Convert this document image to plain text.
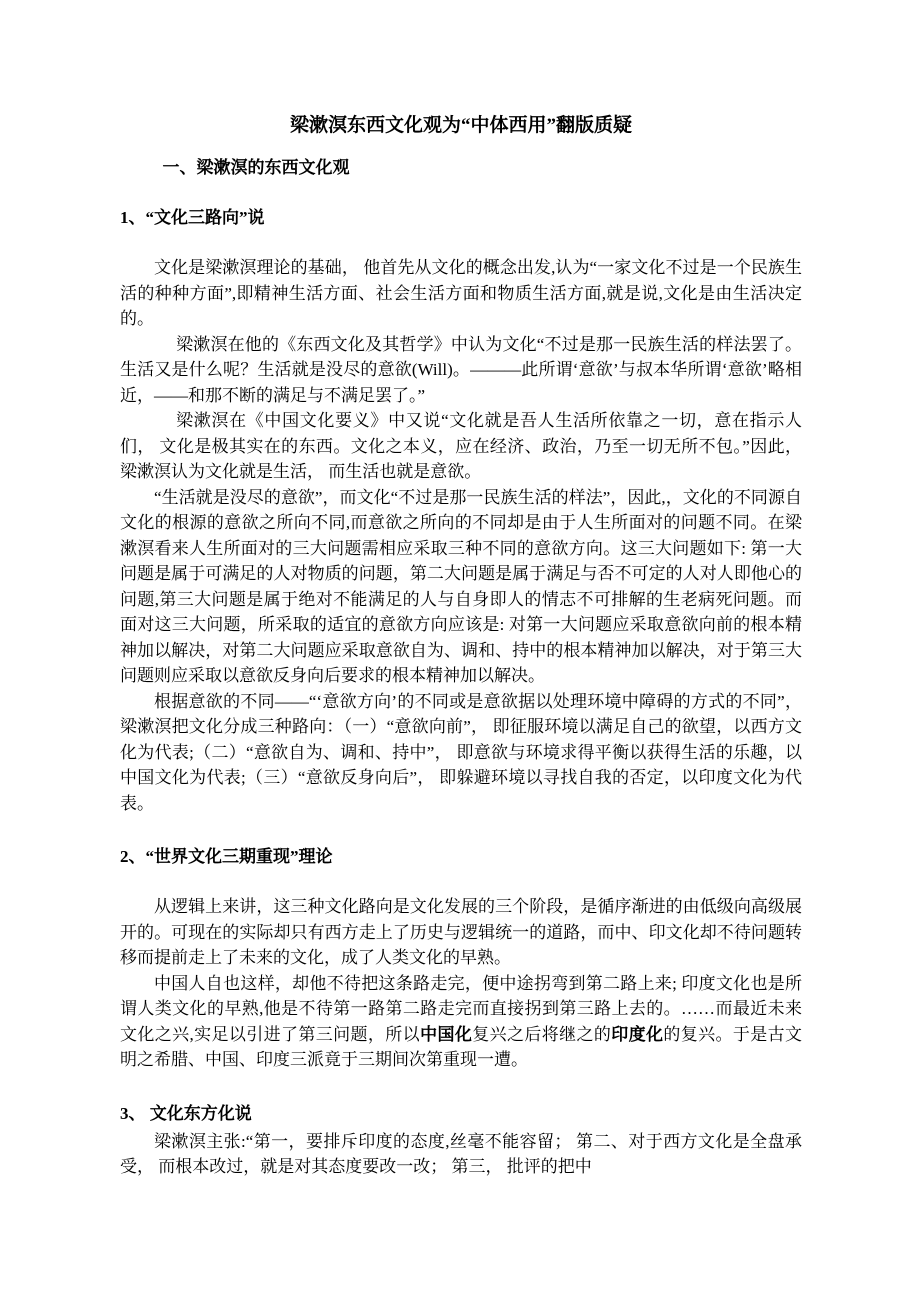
梁漱溟东西文化观为“中体西用”翻版质疑

一、梁漱溟的东西文化观

1、“文化三路向”说

文化是梁漱溟理论的基础， 他首先从文化的概念出发,认为“一家文化不过是一个民族生活的种种方面”,即精神生活方面、社会生活方面和物质生活方面,就是说,文化是由生活决定的。

梁漱溟在他的《东西文化及其哲学》中认为文化“不过是那一民族生活的样法罢了。生活又是什么呢？生活就是没尽的意欲(Will)。———此所谓‘意欲’与叔本华所谓‘意欲’略相近，——和那不断的满足与不满足罢了。”

梁漱溟在《中国文化要义》中又说“文化就是吾人生活所依靠之一切，意在指示人们， 文化是极其实在的东西。文化之本义，应在经济、政治，乃至一切无所不包。”因此，梁漱溟认为文化就是生活， 而生活也就是意欲。

“生活就是没尽的意欲”，而文化“不过是那一民族生活的样法”，因此,，文化的不同源自文化的根源的意欲之所向不同,而意欲之所向的不同却是由于人生所面对的问题不同。在梁漱溟看来人生所面对的三大问题需相应采取三种不同的意欲方向。这三大问题如下: 第一大问题是属于可满足的人对物质的问题，第二大问题是属于满足与否不可定的人对人即他心的问题,第三大问题是属于绝对不能满足的人与自身即人的情志不可排解的生老病死问题。而面对这三大问题，所采取的适宜的意欲方向应该是: 对第一大问题应采取意欲向前的根本精神加以解决，对第二大问题应采取意欲自为、调和、持中的根本精神加以解决，对于第三大问题则应采取以意欲反身向后要求的根本精神加以解决。

根据意欲的不同——“‘意欲方向’的不同或是意欲据以处理环境中障碍的方式的不同”，梁漱溟把文化分成三种路向：（一）“意欲向前”， 即征服环境以满足自己的欲望，以西方文化为代表;（二）“意欲自为、调和、持中”， 即意欲与环境求得平衡以获得生活的乐趣，以中国文化为代表;（三）“意欲反身向后”， 即躲避环境以寻找自我的否定，以印度文化为代表。

2、“世界文化三期重现”理论

从逻辑上来讲，这三种文化路向是文化发展的三个阶段，是循序渐进的由低级向高级展开的。可现在的实际却只有西方走上了历史与逻辑统一的道路，而中、印文化却不待问题转移而提前走上了未来的文化，成了人类文化的早熟。

中国人自也这样，却他不待把这条路走完，便中途拐弯到第二路上来; 印度文化也是所谓人类文化的早熟,他是不待第一路第二路走完而直接拐到第三路上去的。……而最近未来文化之兴,实足以引进了第三问题，所以中国化复兴之后将继之的印度化的复兴。于是古文明之希腊、中国、印度三派竟于三期间次第重现一遭。

3、 文化东方化说

梁漱溟主张:“第一，要排斥印度的态度,丝毫不能容留； 第二、对于西方文化是全盘承受， 而根本改过，就是对其态度要改一改； 第三， 批评的把中
